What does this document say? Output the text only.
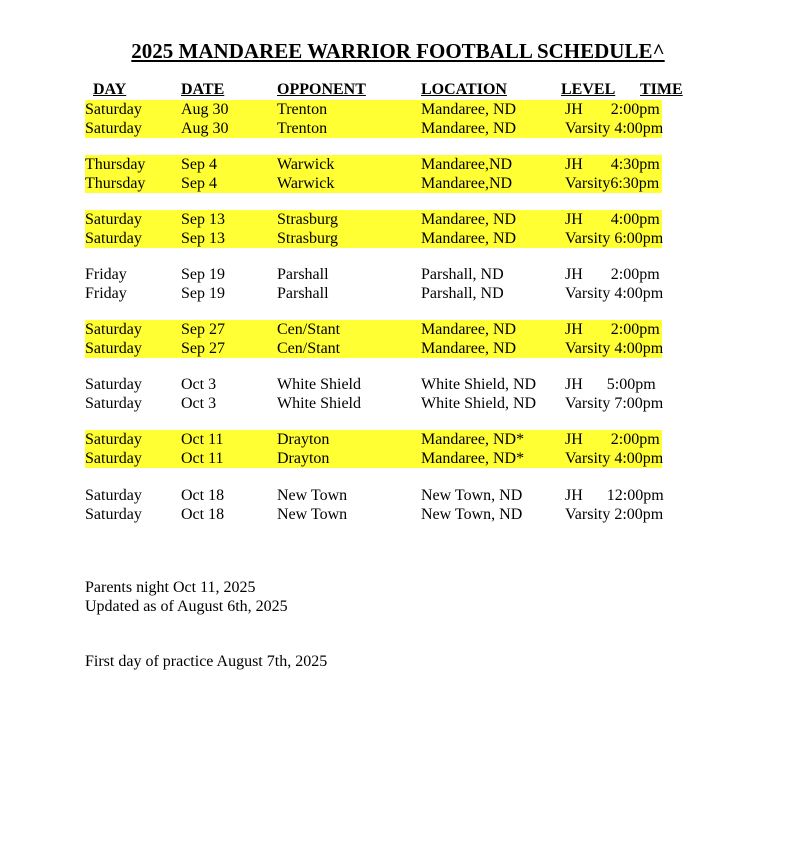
2025 MANDAREE WARRIOR FOOTBALL SCHEDULE^
DAY	DATE	OPPONENT	LOCATION	LEVEL TIME
Saturday Aug 30	Trenton	Mandaree, ND	JH       2:00pm
Saturday Aug 30	Trenton	Mandaree, ND	Varsity 4:00pm
Thursday Sep 4	Warwick	Mandaree,ND	JH       4:30pm
Thursday Sep 4	Warwick	Mandaree,ND	Varsity6:30pm
Saturday Sep 13	Strasburg	Mandaree, ND	JH       4:00pm
Saturday Sep 13	Strasburg	Mandaree, ND	Varsity 6:00pm
Friday	Sep 19	Parshall	Parshall, ND	JH       2:00pm
Friday	Sep 19	Parshall	Parshall, ND	Varsity 4:00pm
Saturday Sep 27	Cen/Stant	Mandaree, ND	JH       2:00pm
Saturday Sep 27	Cen/Stant	Mandaree, ND	Varsity 4:00pm
Saturday Oct 3	White Shield	White Shield, ND JH      5:00pm
Saturday Oct 3	White Shield	White Shield, ND Varsity 7:00pm
Saturday Oct 11	Drayton	Mandaree, ND*	JH       2:00pm
Saturday Oct 11	Drayton	Mandaree, ND*	Varsity 4:00pm
Saturday Oct 18	New Town	New Town, ND	JH      12:00pm
Saturday Oct 18	New Town	New Town, ND	Varsity 2:00pm
Parents night Oct 11, 2025
Updated as of August 6th, 2025
First day of practice August 7th, 2025
